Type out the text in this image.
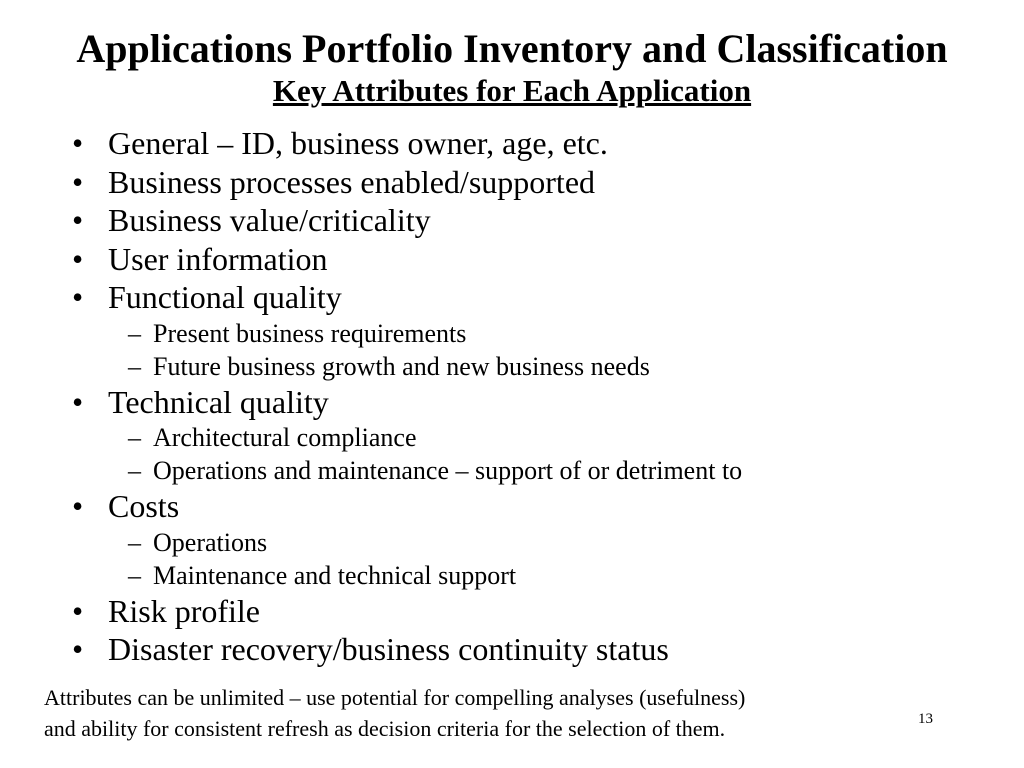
Applications Portfolio Inventory and Classification
Key Attributes for Each Application
• General – ID, business owner, age, etc.
• Business processes enabled/supported
• Business value/criticality
• User information
• Functional quality
– Present business requirements
– Future business growth and new business needs
• Technical quality
– Architectural compliance
– Operations and maintenance – support of or detriment to
• Costs
– Operations
– Maintenance and technical support
• Risk profile
• Disaster recovery/business continuity status

Attributes can be unlimited – use potential for compelling analyses (usefulness)
and ability for consistent refresh as decision criteria for the selection of them.	13
